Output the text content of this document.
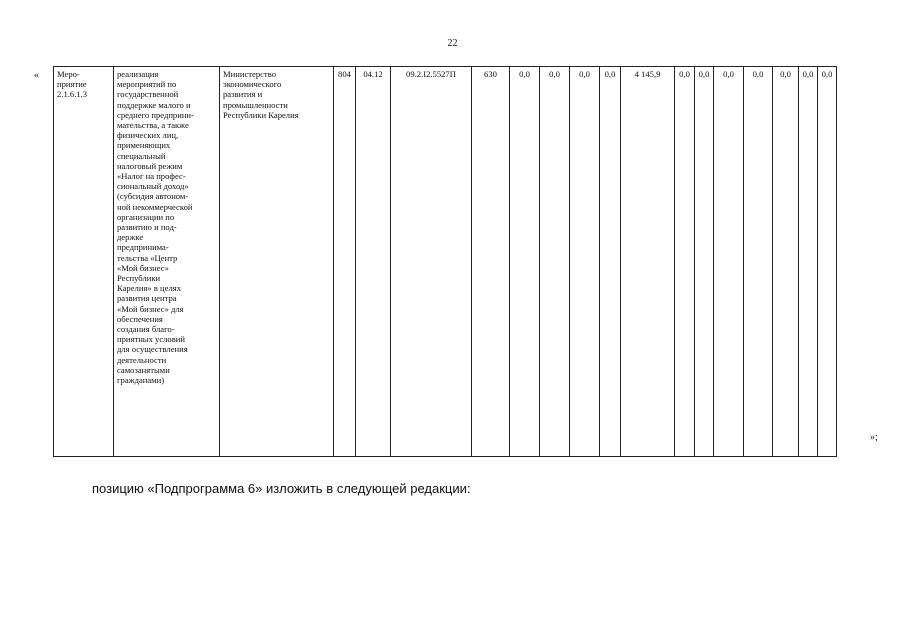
22
« Меро-
приятие
2.1.6.1.3	реализация
мероприятий по
государственной
поддержке малого и
среднего предприни-
мательства, а также
физических лиц,
применяющих
специальный
налоговый режим
«Налог на профес-
сиональный доход»
(субсидия автоном-
ной некоммерческой
организации по
развитию и под-
держке
предпринима-
тельства «Центр
«Мой бизнес»
Республики
Карелия» в целях
развития центра
«Мой бизнес» для
обеспечения
создания благо-
приятных условий
для осуществления
деятельности
самозанятыми
гражданами)	Министерство
экономического
развития и
промышленности
Республики Карелия	804	04.12	09.2.I2.5527П	630	0,0	0,0	0,0	0,0	4 145,9	0,0	0,0	0,0	0,0	0,0	0,0	0,0
»;
позицию «Подпрограмма 6» изложить в следующей редакции:
